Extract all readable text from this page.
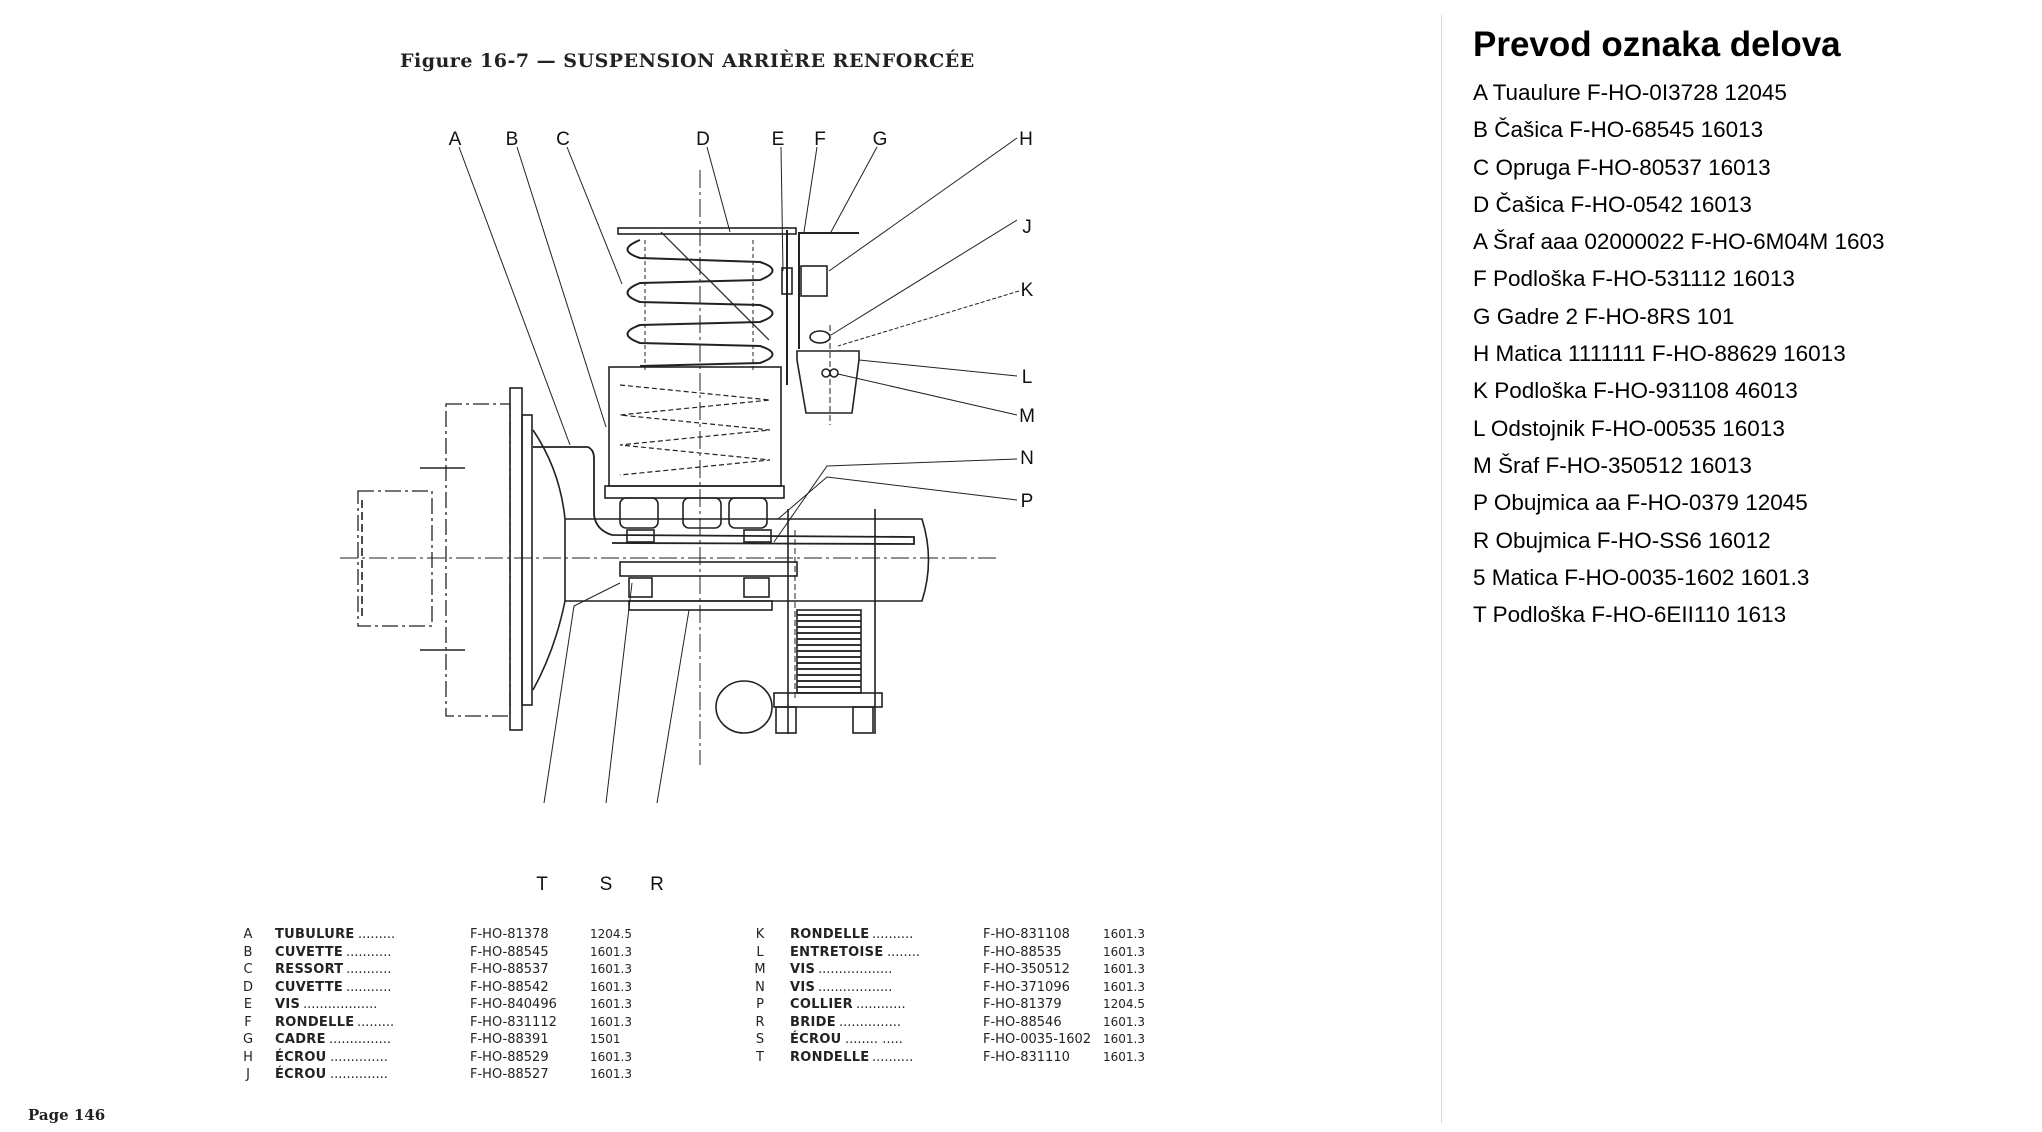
Figure 16-7 — SUSPENSION ARRIÈRE RENFORCÉE
A B C	D	E F G	H
J
K
L
M
N
P
T	S R
A TUBULURE .........	F-HO-81378	1204.5
B CUVETTE ...........	F-HO-88545	1601.3
C RESSORT ...........	F-HO-88537	1601.3
D CUVETTE ...........	F-HO-88542	1601.3
E VIS ..................	F-HO-840496	1601.3
F	RONDELLE .........	F-HO-831112	1601.3
G CADRE ...............	F-HO-88391	1501
H ÉCROU ..............	F-HO-88529	1601.3
J	ÉCROU ..............	F-HO-88527	1601.3
K RONDELLE ..........	F-HO-831108	1601.3
L	ENTRETOISE ........	F-HO-88535	1601.3
M VIS ..................	F-HO-350512	1601.3
N VIS ..................	F-HO-371096	1601.3
P	COLLIER ............	F-HO-81379	1204.5
R BRIDE ...............	F-HO-88546	1601.3
S ÉCROU ........ .....	F-HO-0035-1602 1601.3
T	RONDELLE ..........	F-HO-831110	1601.3
Page 146
Prevod oznaka delova
A Tuaulure F-HO-0I3728 12045
B Čašica F-HO-68545 16013
C Opruga F-HO-80537 16013
D Čašica F-HO-0542 16013
A Šraf aaa 02000022 F-HO-6M04M 1603
F Podloška F-HO-531112 16013
G Gadre 2 F-HO-8RS 101
H Matica 1111111 F-HO-88629 16013
K Podloška F-HO-931108 46013
L Odstojnik F-HO-00535 16013
M Šraf F-HO-350512 16013
P Obujmica aa F-HO-0379 12045
R Obujmica F-HO-SS6 16012
5 Matica F-HO-0035-1602 1601.3
T Podloška F-HO-6EII110 1613
